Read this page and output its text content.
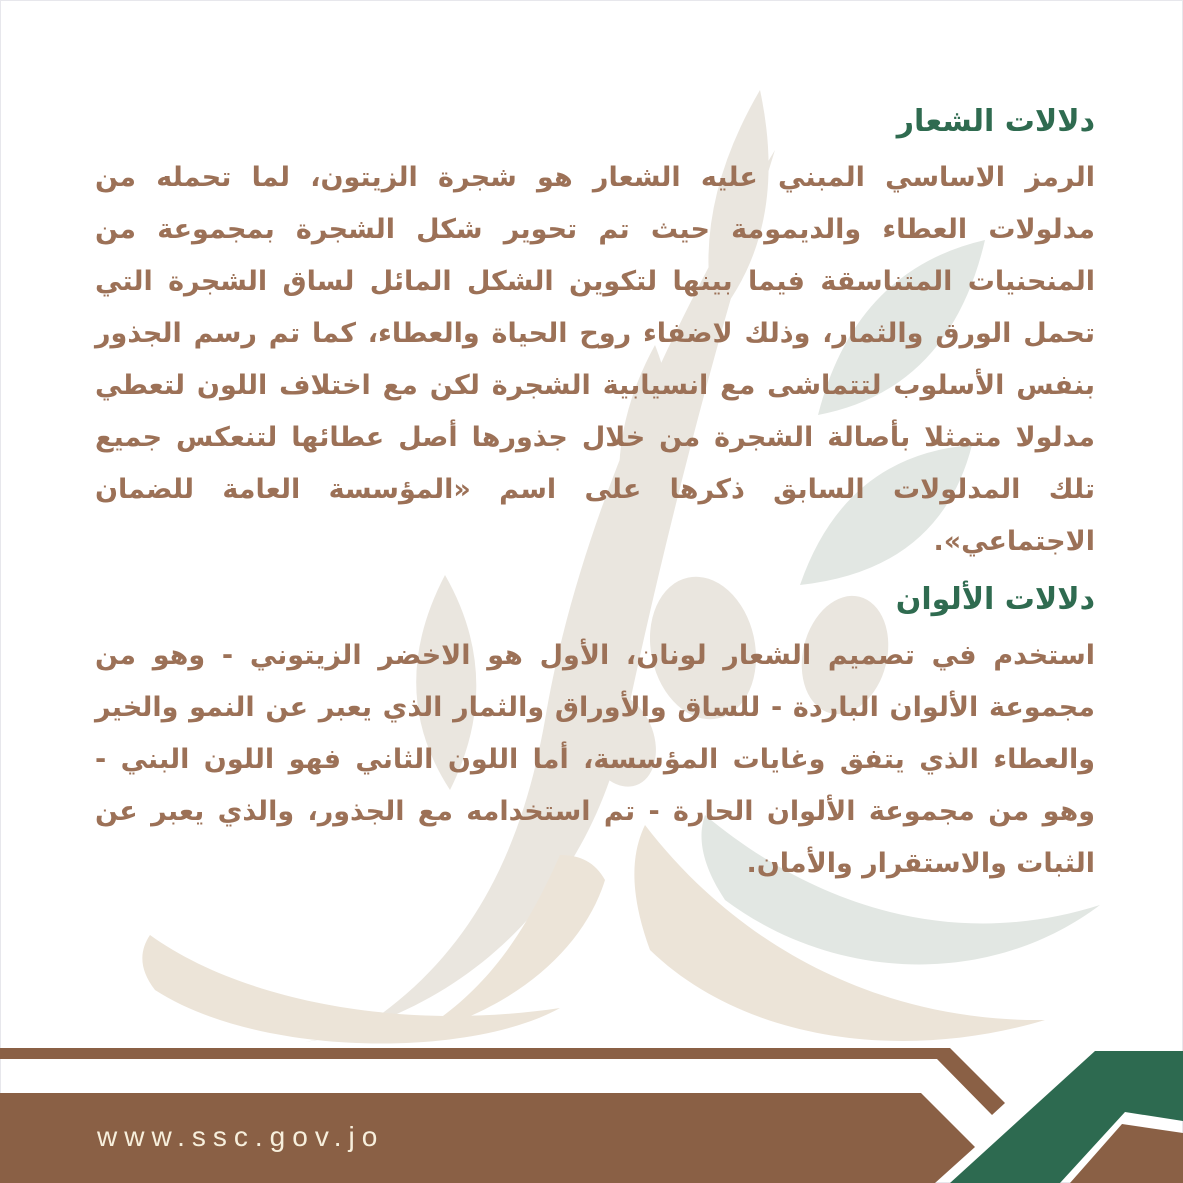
دلالات الشعار

الرمز الاساسي المبني عليه الشعار هو شجرة الزيتون، لما تحمله من مدلولات العطاء والديمومة حيث تم تحوير شكل الشجرة بمجموعة من المنحنيات المتناسقة فيما بينها لتكوين الشكل المائل لساق الشجرة التي تحمل الورق والثمار، وذلك لاضفاء روح الحياة والعطاء، كما تم رسم الجذور بنفس الأسلوب لتتماشى مع انسيابية الشجرة لكن مع اختلاف اللون لتعطي مدلولا متمثلا بأصالة الشجرة من خلال جذورها أصل عطائها لتنعكس جميع تلك المدلولات السابق ذكرها على اسم «المؤسسة العامة للضمان الاجتماعي».

دلالات الألوان

استخدم في تصميم الشعار لونان، الأول هو الاخضر الزيتوني - وهو من مجموعة الألوان الباردة - للساق والأوراق والثمار الذي يعبر عن النمو والخير والعطاء الذي يتفق وغايات المؤسسة، أما اللون الثاني فهو اللون البني - وهو من مجموعة الألوان الحارة - تم استخدامه مع الجذور، والذي يعبر عن الثبات والاستقرار والأمان.

www.ssc.gov.jo
